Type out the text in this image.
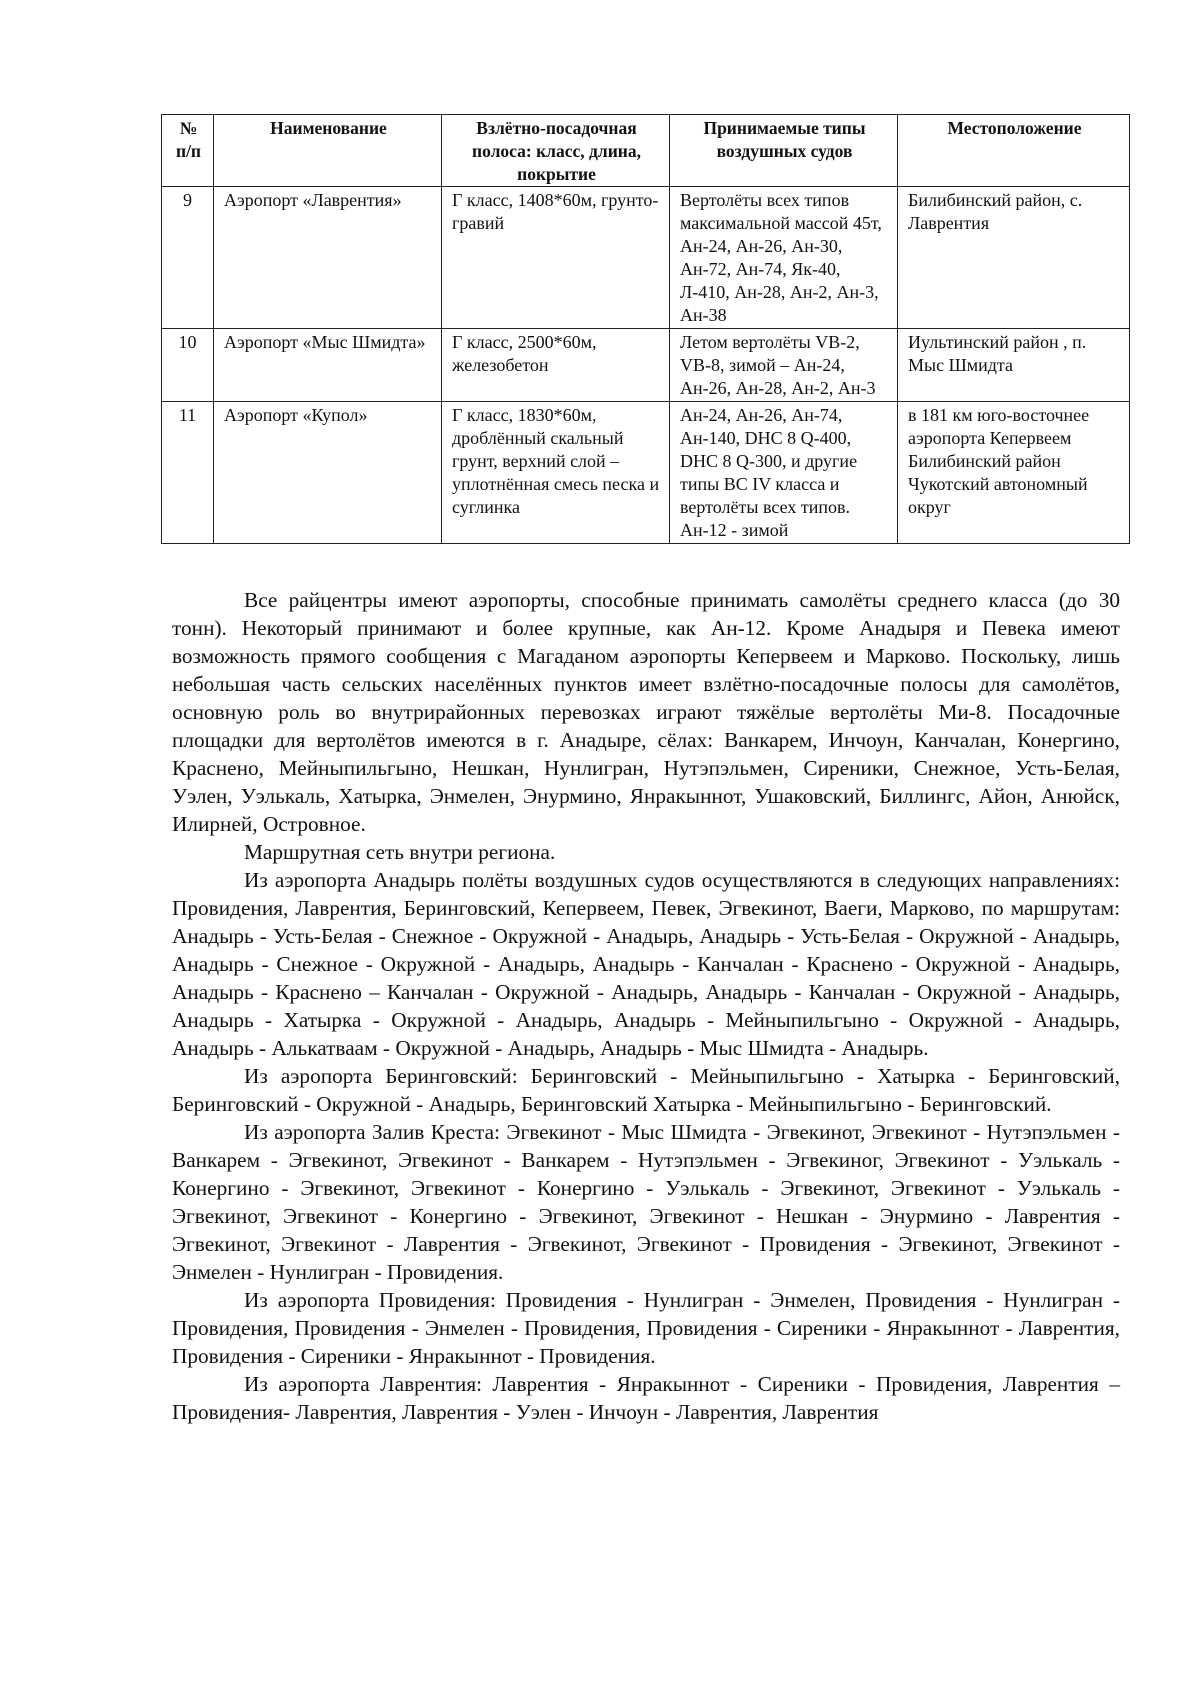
№ п/п	Наименование	Взлётно-посадочная полоса: класс, длина, покрытие	Принимаемые типы воздушных судов	Местоположение
9	Аэропорт «Лаврентия»	Г класс, 1408*60м, грунто-гравий	Вертолёты всех типов максимальной массой 45т, Ан-24, Ан-26, Ан-30, Ан-72, Ан-74, Як-40, Л-410, Ан-28, Ан-2, Ан-3, Ан-38	Билибинский район, с. Лаврентия
10	Аэропорт «Мыс Шмидта»	Г класс, 2500*60м, железобетон	Летом вертолёты VB-2, VB-8, зимой – Ан-24, Ан-26, Ан-28, Ан-2, Ан-3	Иультинский район , п. Мыс Шмидта
11	Аэропорт «Купол»	Г класс, 1830*60м, дроблённый скальный грунт, верхний слой – уплотнённая смесь песка и суглинка	Ан-24, Ан-26, Ан-74, Ан-140, DHC 8 Q-400, DHC 8 Q-300, и другие типы ВС IV класса и вертолёты всех типов. Ан-12 - зимой	в 181 км юго-восточнее аэропорта Кепервеем Билибинский район Чукотский автономный округ

Все райцентры имеют аэропорты, способные принимать самолёты среднего класса (до 30 тонн). Некоторый принимают и более крупные, как Ан-12. Кроме Анадыря и Певека имеют возможность прямого сообщения с Магаданом аэропорты Кепервеем и Марково. Поскольку, лишь небольшая часть сельских населённых пунктов имеет взлётно-посадочные полосы для самолётов, основную роль во внутрирайонных перевозках играют тяжёлые вертолёты Ми-8. Посадочные площадки для вертолётов имеются в г. Анадыре, сёлах: Ванкарем, Инчоун, Канчалан, Конергино, Краснено, Мейныпильгыно, Нешкан, Нунлигран, Нутэпэльмен, Сиреники, Снежное, Усть-Белая, Уэлен, Уэлькаль, Хатырка, Энмелен, Энурмино, Янракыннот, Ушаковский, Биллингс, Айон, Анюйск, Илирней, Островное.

Маршрутная сеть внутри региона.

Из аэропорта Анадырь полёты воздушных судов осуществляются в следующих направлениях: Провидения, Лаврентия, Беринговский, Кепервеем, Певек, Эгвекинот, Ваеги, Марково, по маршрутам: Анадырь - Усть-Белая - Снежное - Окружной - Анадырь, Анадырь - Усть-Белая - Окружной - Анадырь, Анадырь - Снежное - Окружной - Анадырь, Анадырь - Канчалан - Краснено - Окружной - Анадырь, Анадырь - Краснено – Канчалан - Окружной - Анадырь, Анадырь - Канчалан - Окружной - Анадырь, Анадырь - Хатырка - Окружной - Анадырь, Анадырь - Мейныпильгыно - Окружной - Анадырь, Анадырь - Алькатваам - Окружной - Анадырь, Анадырь - Мыс Шмидта - Анадырь.

Из аэропорта Беринговский: Беринговский - Мейныпильгыно - Хатырка - Беринговский, Беринговский - Окружной - Анадырь, Беринговский Хатырка - Мейныпильгыно - Беринговский.

Из аэропорта Залив Креста: Эгвекинот - Мыс Шмидта - Эгвекинот, Эгвекинот - Нутэпэльмен - Ванкарем - Эгвекинот, Эгвекинот - Ванкарем - Нутэпэльмен - Эгвекиног, Эгвекинот - Уэлькаль - Конергино - Эгвекинот, Эгвекинот - Конергино - Уэлькаль - Эгвекинот, Эгвекинот - Уэлькаль - Эгвекинот, Эгвекинот - Конергино - Эгвекинот, Эгвекинот - Нешкан - Энурмино - Лаврентия - Эгвекинот, Эгвекинот - Лаврентия - Эгвекинот, Эгвекинот - Провидения - Эгвекинот, Эгвекинот - Энмелен - Нунлигран - Провидения.

Из аэропорта Провидения: Провидения - Нунлигран - Энмелен, Провидения - Нунлигран - Провидения, Провидения - Энмелен - Провидения, Провидения - Сиреники - Янракыннот - Лаврентия, Провидения - Сиреники - Янракыннот - Провидения.

Из аэропорта Лаврентия: Лаврентия - Янракыннот - Сиреники - Провидения, Лаврентия – Провидения- Лаврентия, Лаврентия - Уэлен - Инчоун - Лаврентия, Лаврентия
